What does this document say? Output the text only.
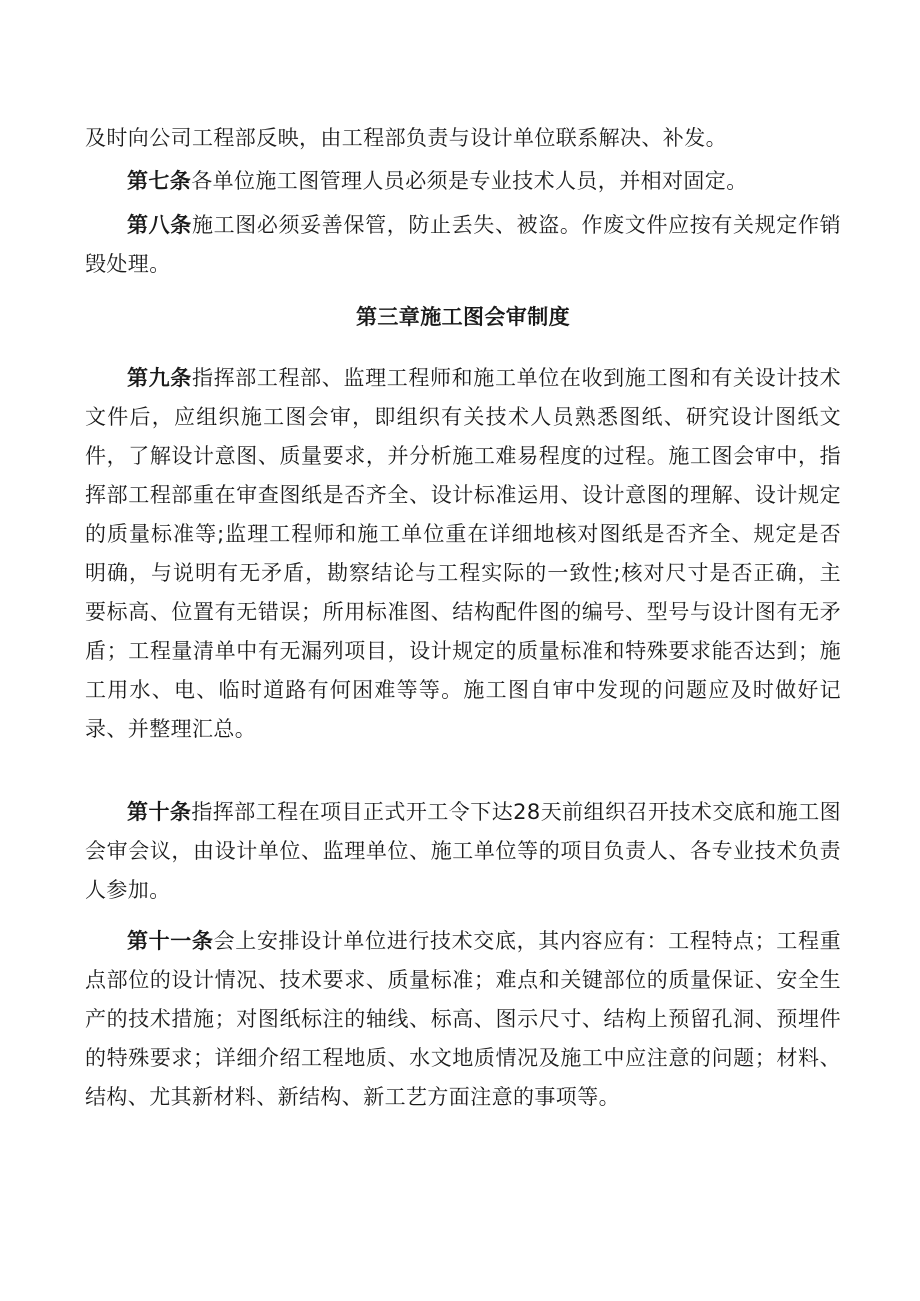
及时向公司工程部反映，由工程部负责与设计单位联系解决、补发。

第七条各单位施工图管理人员必须是专业技术人员，并相对固定。

第八条施工图必须妥善保管，防止丢失、被盗。作废文件应按有关规定作销毁处理。

第三章施工图会审制度

第九条指挥部工程部、监理工程师和施工单位在收到施工图和有关设计技术文件后，应组织施工图会审，即组织有关技术人员熟悉图纸、研究设计图纸文件，了解设计意图、质量要求，并分析施工难易程度的过程。施工图会审中，指挥部工程部重在审查图纸是否齐全、设计标准运用、设计意图的理解、设计规定的质量标准等;监理工程师和施工单位重在详细地核对图纸是否齐全、规定是否明确，与说明有无矛盾，勘察结论与工程实际的一致性;核对尺寸是否正确，主要标高、位置有无错误；所用标准图、结构配件图的编号、型号与设计图有无矛盾；工程量清单中有无漏列项目，设计规定的质量标准和特殊要求能否达到；施工用水、电、临时道路有何困难等等。施工图自审中发现的问题应及时做好记录、并整理汇总。

第十条指挥部工程在项目正式开工令下达28天前组织召开技术交底和施工图会审会议，由设计单位、监理单位、施工单位等的项目负责人、各专业技术负责人参加。

第十一条会上安排设计单位进行技术交底，其内容应有：工程特点；工程重点部位的设计情况、技术要求、质量标准；难点和关键部位的质量保证、安全生产的技术措施；对图纸标注的轴线、标高、图示尺寸、结构上预留孔洞、预埋件的特殊要求；详细介绍工程地质、水文地质情况及施工中应注意的问题；材料、结构、尤其新材料、新结构、新工艺方面注意的事项等。
